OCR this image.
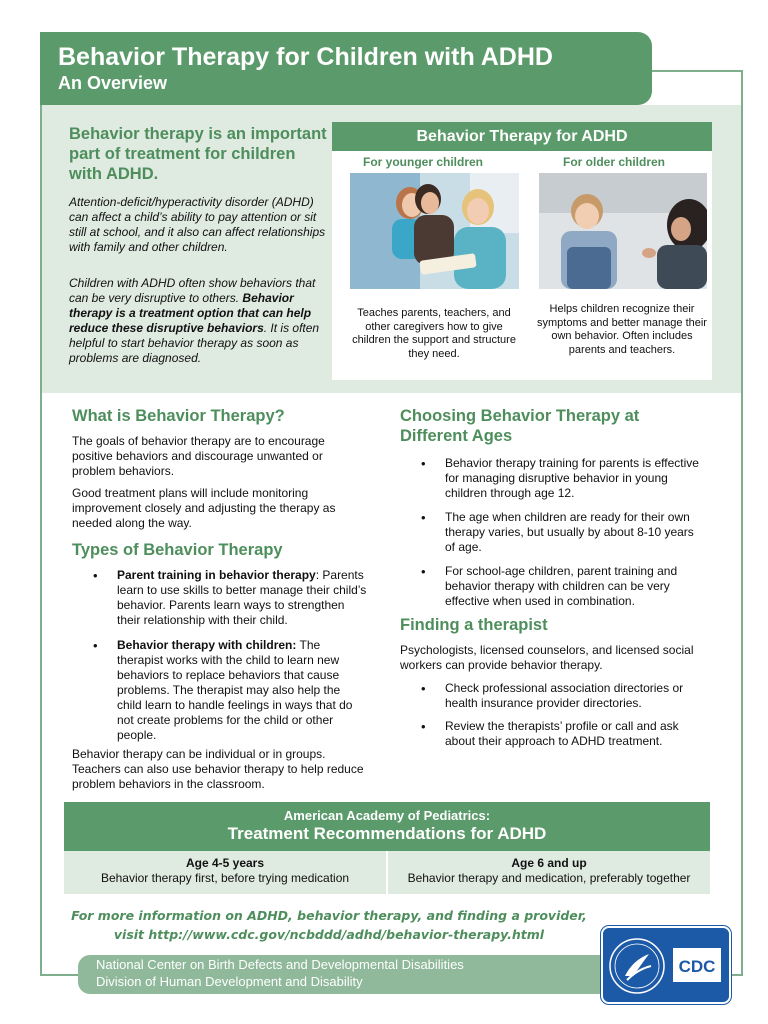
Behavior Therapy for Children with ADHD
An Overview
Behavior therapy is an important part of treatment for children with ADHD.

Attention-deficit/hyperactivity disorder (ADHD) can affect a child’s ability to pay attention or sit still at school, and it also can affect relationships with family and other children.

Children with ADHD often show behaviors that can be very disruptive to others. Behavior therapy is a treatment option that can help reduce these disruptive behaviors. It is often helpful to start behavior therapy as soon as problems are diagnosed.

Behavior Therapy for ADHD
For younger children	For older children
Teaches parents, teachers, and other caregivers how to give children the support and structure they need.
Helps children recognize their symptoms and better manage their own behavior. Often includes parents and teachers.
What is Behavior Therapy?

The goals of behavior therapy are to encourage positive behaviors and discourage unwanted or problem behaviors.

Good treatment plans will include monitoring improvement closely and adjusting the therapy as needed along the way.

Types of Behavior Therapy
• Parent training in behavior therapy: Parents learn to use skills to better manage their child’s behavior. Parents learn ways to strengthen their relationship with their child.
• Behavior therapy with children: The therapist works with the child to learn new behaviors to replace behaviors that cause problems. The therapist may also help the child learn to handle feelings in ways that do not create problems for the child or other people.

Behavior therapy can be individual or in groups. Teachers can also use behavior therapy to help reduce problem behaviors in the classroom.

Choosing Behavior Therapy at Different Ages
• Behavior therapy training for parents is effective for managing disruptive behavior in young children through age 12.
• The age when children are ready for their own therapy varies, but usually by about 8-10 years of age.
• For school-age children, parent training and behavior therapy with children can be very effective when used in combination.
Finding a therapist

Psychologists, licensed counselors, and licensed social workers can provide behavior therapy.

• Check professional association directories or health insurance provider directories.
• Review the therapists’ profile or call and ask about their approach to ADHD treatment.
American Academy of Pediatrics:
Treatment Recommendations for ADHD
Age 4-5 years
Behavior therapy first, before trying medication
Age 6 and up
Behavior therapy and medication, preferably together
For more information on ADHD, behavior therapy, and finding a provider,
visit http://www.cdc.gov/ncbddd/adhd/behavior-therapy.html
National Center on Birth Defects and Developmental Disabilities
Division of Human Development and Disability
CDC
